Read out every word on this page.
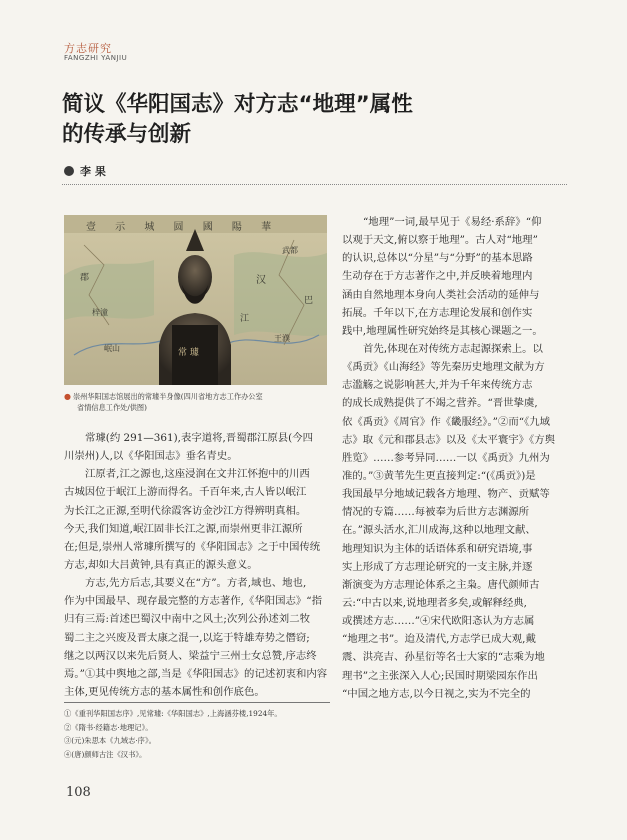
方志研究
FANGZHI YANJIU
简议《华阳国志》对方志“地理”属性
的传承与创新
李 果
壹 示 城 圆 國 陽 華
郡	汉
武都
王濮
梓潼
岷山
江
巴
常 璩
● 崇州华阳国志馆展出的常璩半身像(四川省地方志工作办公室
省情信息工作处/供图)
常璩(约 291—361),表字道将,晋蜀郡江原县(今四
川崇州)人,以《华阳国志》垂名青史。
江原者,江之源也,这座浸润在文井江怀抱中的川西
古城因位于岷江上游而得名。千百年来,古人皆以岷江
为长江之正源,至明代徐霞客访金沙江方得辨明真相。
今天,我们知道,岷江固非长江之源,而崇州更非江源所
在;但是,崇州人常璩所撰写的《华阳国志》之于中国传统
方志,却如大吕黄钟,具有真正的源头意义。
方志,先方后志,其要义在“方”。方者,域也、地也,
作为中国最早、现存最完整的方志著作,《华阳国志》“指
归有三焉:首述巴蜀汉中南中之风土;次列公孙述刘二牧
蜀二主之兴废及晋太康之混一,以迄于特雄寿势之僭窃;
继之以两汉以来先后贤人、梁益宁三州士女总赞,序志终
焉。”①其中舆地之部,当是《华阳国志》的记述初衷和内容
主体,更见传统方志的基本属性和创作底色。
“地理”一词,最早见于《易经·系辞》“仰
以观于天文,俯以察于地理”。古人对“地理”
的认识,总体以“分星”与“分野”的基本思路
生动存在于方志著作之中,并反映着地理内
涵由自然地理本身向人类社会活动的延伸与
拓展。千年以下,在方志理论发展和创作实
践中,地理属性研究始终是其核心课题之一。
首先,体现在对传统方志起源探索上。以
《禹贡》《山海经》等先秦历史地理文献为方
志滥觞之说影响甚大,并为千年来传统方志
的成长成熟提供了不竭之营养。“晋世挚虞,
依《禹贡》《周官》作《畿服经》。”②而“《九域
志》取《元和郡县志》以及《太平寰宇》《方舆
胜览》……参考异同……一以《禹贡》九州为
准的。”③黄苇先生更直接判定:“(《禹贡》)是
我国最早分地域记载各方地理、物产、贡赋等
情况的专篇……每被奉为后世方志渊源所
在。”源头活水,汇川成海,这种以地理文献、
地理知识为主体的话语体系和研究语境,事
实上形成了方志理论研究的一支主脉,并逐
渐演变为方志理论体系之主枭。唐代颜师古
云:“中古以来,说地理者多矣,或解释经典,
或撰述方志……”④宋代欧阳忞认为方志属
“地理之书”。迨及清代,方志学已成大观,戴
震、洪亮吉、孙星衍等名士大家的“志乘为地
理书”之主张深入人心;民国时期梁园东作出
“中国之地方志,以今日视之,实为不完全的
①《重刊华阳国志序》,见常璩:《华阳国志》,上海涵芬楼,1924年。
②《隋书·经籍志·地理记》。
③(元)朱思本《九域志·序》。
④(唐)颜师古注《汉书》。
108
